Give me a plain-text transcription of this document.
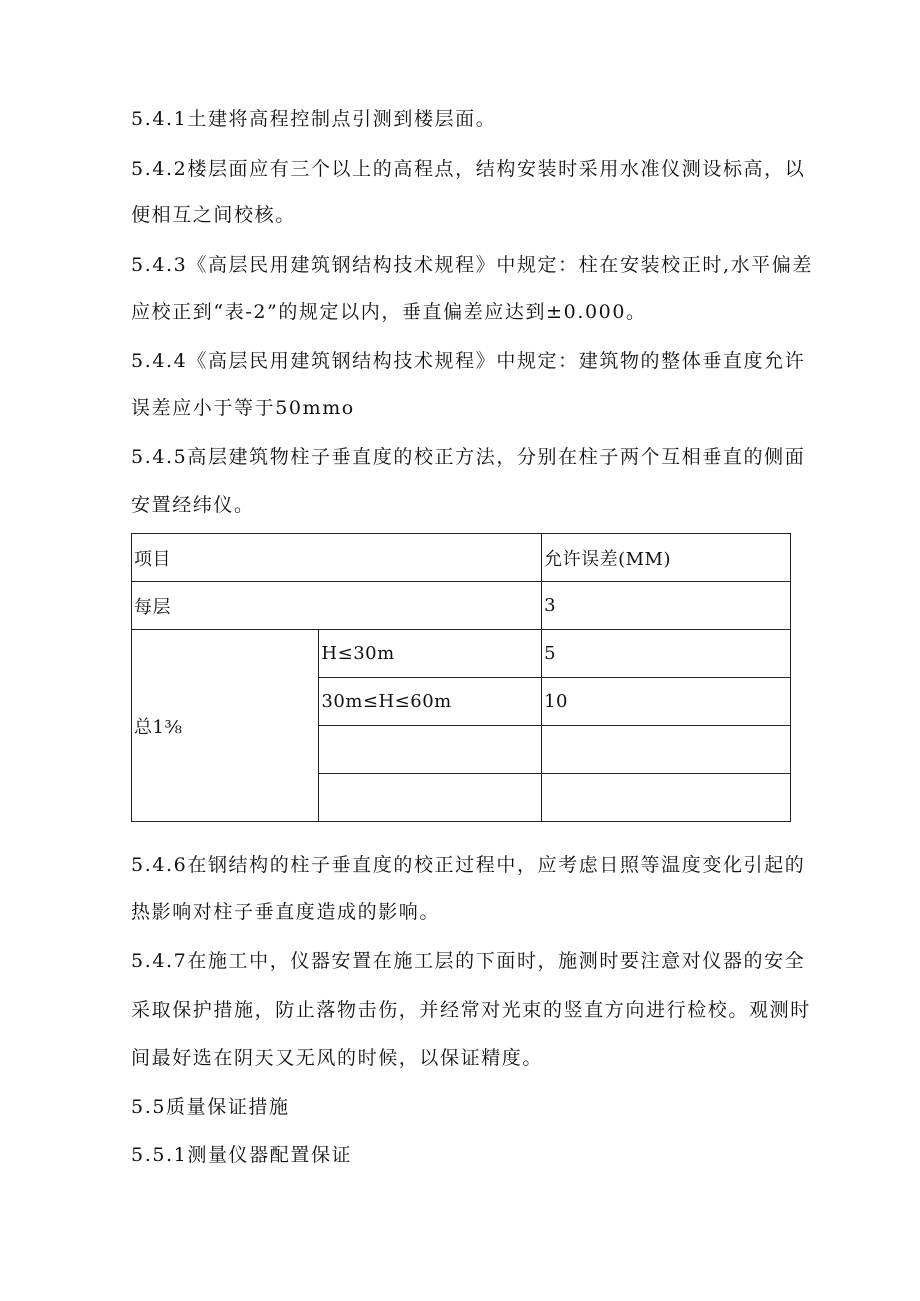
5.4.1土建将高程控制点引测到楼层面。
5.4.2楼层面应有三个以上的高程点，结构安装时采用水准仪测设标高，以
便相互之间校核。
5.4.3《高层民用建筑钢结构技术规程》中规定：柱在安装校正时,水平偏差
应校正到“表-2”的规定以内，垂直偏差应达到±0.000。
5.4.4《高层民用建筑钢结构技术规程》中规定：建筑物的整体垂直度允许
误差应小于等于50mmo
5.4.5高层建筑物柱子垂直度的校正方法，分别在柱子两个互相垂直的侧面
安置经纬仪。
项目		允许误差(MM)
每层		3
总1⅜	H≤30m	5
	30m≤H≤60m	10

5.4.6在钢结构的柱子垂直度的校正过程中，应考虑日照等温度变化引起的
热影响对柱子垂直度造成的影响。
5.4.7在施工中，仪器安置在施工层的下面时，施测时要注意对仪器的安全
采取保护措施，防止落物击伤，并经常对光束的竖直方向进行检校。观测时
间最好选在阴天又无风的时候，以保证精度。
5.5质量保证措施
5.5.1测量仪器配置保证
